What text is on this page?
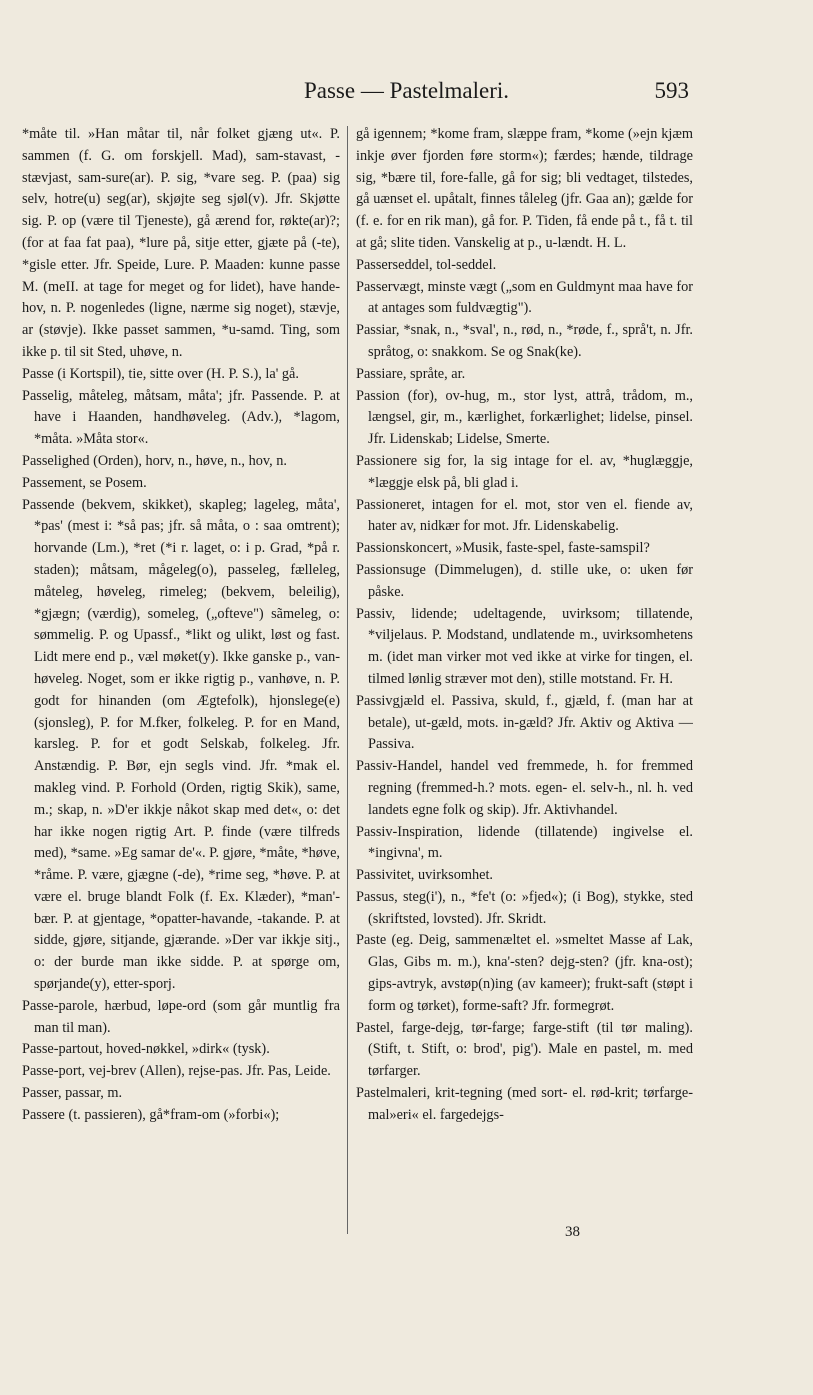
Passe — Pastelmaleri.	593

*måte til. »Han måtar til, når folket gjæng ut«. P. sammen (f. G. om forskjell. Mad), sam-stavast, -stævjast, sam-sure(ar). P. sig, *vare seg. P. (paa) sig selv, hotre(u) seg(ar), skjøjte seg sjøl(v). Jfr. Skjøtte sig. P. op (være til Tjeneste), gå ærend for, røkte(ar)?; (for at faa fat paa), *lure på, sitje etter, gjæte på (-te), *gisle etter. Jfr. Speide, Lure. P. Maaden: kunne passe M. (meII. at tage for meget og for lidet), have hande-hov, n. P. nogenledes (ligne, nærme sig noget), stævje, ar (støvje). Ikke passet sammen, *u-samd. Ting, som ikke p. til sit Sted, uhøve, n.

Passe (i Kortspil), tie, sitte over (H. P. S.), la' gå.

Passelig, måteleg, måtsam, måta'; jfr. Passende. P. at have i Haanden, handhøveleg. (Adv.), *lagom, *måta. »Måta stor«.

Passelighed (Orden), horv, n., høve, n., hov, n.

Passement, se Posem.

Passende (bekvem, skikket), skapleg; lageleg, måta', *pas' (mest i: *så pas; jfr. så måta, o : saa omtrent); horvande (Lm.), *ret (*i r. laget, o: i p. Grad, *på r. staden); måtsam, mågeleg(o), passeleg, fælleleg, måteleg, høveleg, rimeleg; (bekvem, beleilig), *gjægn; (værdig), someleg, („ofteve") sãmeleg, o: sømmelig. P. og Upassf., *likt og ulikt, løst og fast. Lidt mere end p., væl møket(y). Ikke ganske p., van-høveleg. Noget, som er ikke rigtig p., vanhøve, n. P. godt for hinanden (om Ægtefolk), hjonslege(e) (sjonsleg), P. for M.fker, folkeleg. P. for en Mand, karsleg. P. for et godt Selskab, folkeleg. Jfr. Anstændig. P. Bør, ejn segls vind. Jfr. *mak el. makleg vind. P. Forhold (Orden, rigtig Skik), same, m.; skap, n. »D'er ikkje nåkot skap med det«, o: det har ikke nogen rigtig Art. P. finde (være tilfreds med), *same. »Eg samar de'«. P. gjøre, *måte, *høve, *råme. P. være, gjægne (-de), *rime seg, *høve. P. at være el. bruge blandt Folk (f. Ex. Klæder), *man'-bær. P. at gjentage, *opatter-havande, -takande. P. at sidde, gjøre, sitjande, gjærande. »Der var ikkje sitj., o: der burde man ikke sidde. P. at spørge om, spørjande(y), etter-sporj.

Passe-parole, hærbud, løpe-ord (som går muntlig fra man til man).

Passe-partout, hoved-nøkkel, »dirk« (tysk).

Passe-port, vej-brev (Allen), rejse-pas. Jfr. Pas, Leide.

Passer, passar, m.

Passere (t. passieren), gå*fram-om (»forbi«);

gå igennem; *kome fram, slæppe fram, *kome (»ejn kjæm inkje øver fjorden føre storm«); færdes; hænde, tildrage sig, *bære til, fore-falle, gå for sig; bli vedtaget, tilstedes, gå uænset el. upåtalt, finnes tåleleg (jfr. Gaa an); gælde for (f. e. for en rik man), gå for. P. Tiden, få ende på t., få t. til at gå; slite tiden. Vanskelig at p., u-lændt. H. L.

Passerseddel, tol-seddel.

Passervægt, minste vægt („som en Guldmynt maa have for at antages som fuldvægtig").

Passiar, *snak, n., *sval', n., rød, n., *røde, f., språ't, n. Jfr. språtog, o: snakkom. Se og Snak(ke).

Passiare, språte, ar.

Passion (for), ov-hug, m., stor lyst, attrå, trådom, m., længsel, gir, m., kærlighet, forkærlighet; lidelse, pinsel. Jfr. Lidenskab; Lidelse, Smerte.

Passionere sig for, la sig intage for el. av, *huglæggje, *læggje elsk på, bli glad i.

Passioneret, intagen for el. mot, stor ven el. fiende av, hater av, nidkær for mot. Jfr. Lidenskabelig.

Passionskoncert, »Musik, faste-spel, faste-samspil?

Passionsuge (Dimmelugen), d. stille uke, o: uken før påske.

Passiv, lidende; udeltagende, uvirksom; tillatende, *viljelaus. P. Modstand, undlatende m., uvirksomhetens m. (idet man virker mot ved ikke at virke for tingen, el. tilmed lønlig stræver mot den), stille motstand. Fr. H.

Passivgjæld el. Passiva, skuld, f., gjæld, f. (man har at betale), ut-gæld, mots. in-gæld? Jfr. Aktiv og Aktiva — Passiva.

Passiv-Handel, handel ved fremmede, h. for fremmed regning (fremmed-h.? mots. egen- el. selv-h., nl. h. ved landets egne folk og skip). Jfr. Aktivhandel.

Passiv-Inspiration, lidende (tillatende) ingivelse el. *ingivna', m.

Passivitet, uvirksomhet.

Passus, steg(i'), n., *fe't (o: »fjed«); (i Bog), stykke, sted (skriftsted, lovsted). Jfr. Skridt.

Paste (eg. Deig, sammenæltet el. »smeltet Masse af Lak, Glas, Gibs m. m.), kna'-sten? dejg-sten? (jfr. kna-ost); gips-avtryk, avstøp(n)ing (av kameer); frukt-saft (støpt i form og tørket), forme-saft? Jfr. formegrøt.

Pastel, farge-dejg, tør-farge; farge-stift (til tør maling). (Stift, t. Stift, o: brod', pig'). Male en pastel, m. med tørfarger.

Pastelmaleri, krit-tegning (med sort- el. rød-krit; tørfarge-mal»eri« el. fargedejgs-

38
